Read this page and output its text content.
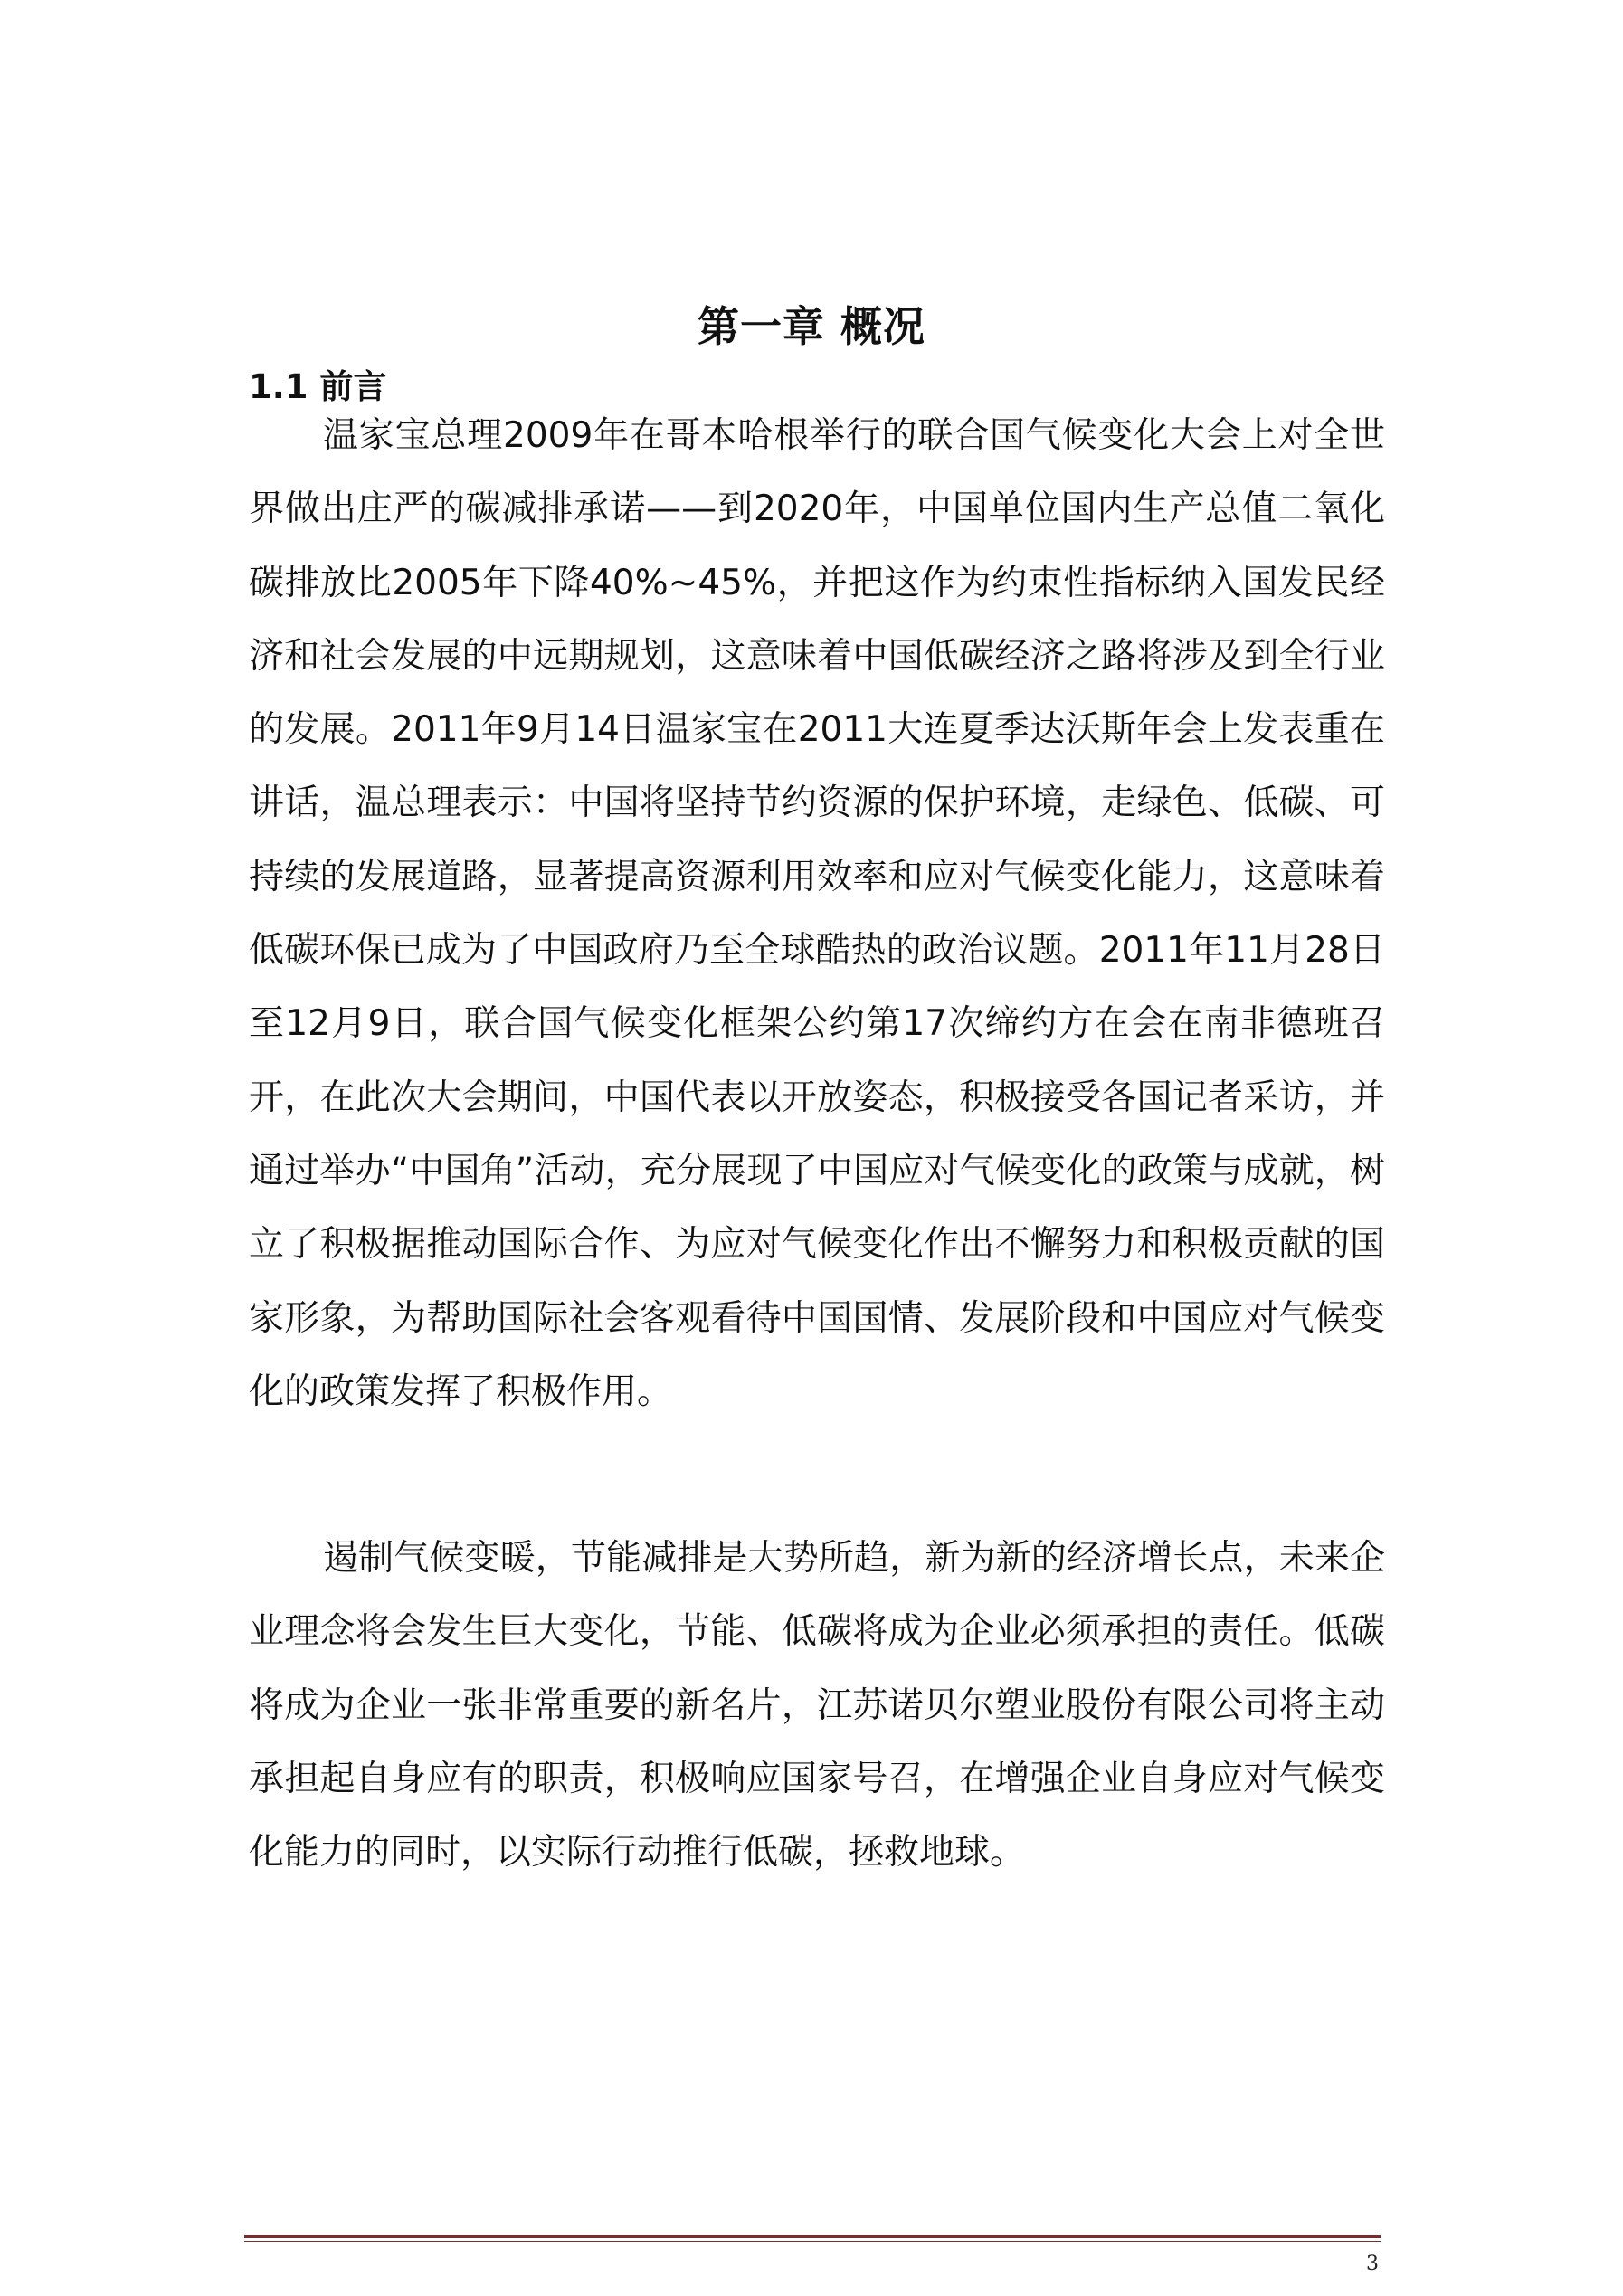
第一章 概况
1.1 前言

温家宝总理2009年在哥本哈根举行的联合国气候变化大会上对全世界做出庄严的碳减排承诺——到2020年，中国单位国内生产总值二氧化碳排放比2005年下降40%~45%，并把这作为约束性指标纳入国发民经济和社会发展的中远期规划，这意味着中国低碳经济之路将涉及到全行业的发展。2011年9月14日温家宝在2011大连夏季达沃斯年会上发表重在讲话，温总理表示：中国将坚持节约资源的保护环境，走绿色、低碳、可持续的发展道路，显著提高资源利用效率和应对气候变化能力，这意味着低碳环保已成为了中国政府乃至全球酷热的政治议题。2011年11月28日至12月9日，联合国气候变化框架公约第17次缔约方在会在南非德班召开，在此次大会期间，中国代表以开放姿态，积极接受各国记者采访，并通过举办“中国角”活动，充分展现了中国应对气候变化的政策与成就，树立了积极据推动国际合作、为应对气候变化作出不懈努力和积极贡献的国家形象，为帮助国际社会客观看待中国国情、发展阶段和中国应对气候变化的政策发挥了积极作用。

遏制气候变暖，节能减排是大势所趋，新为新的经济增长点，未来企业理念将会发生巨大变化，节能、低碳将成为企业必须承担的责任。低碳将成为企业一张非常重要的新名片，江苏诺贝尔塑业股份有限公司将主动承担起自身应有的职责，积极响应国家号召，在增强企业自身应对气候变化能力的同时，以实际行动推行低碳，拯救地球。

3
